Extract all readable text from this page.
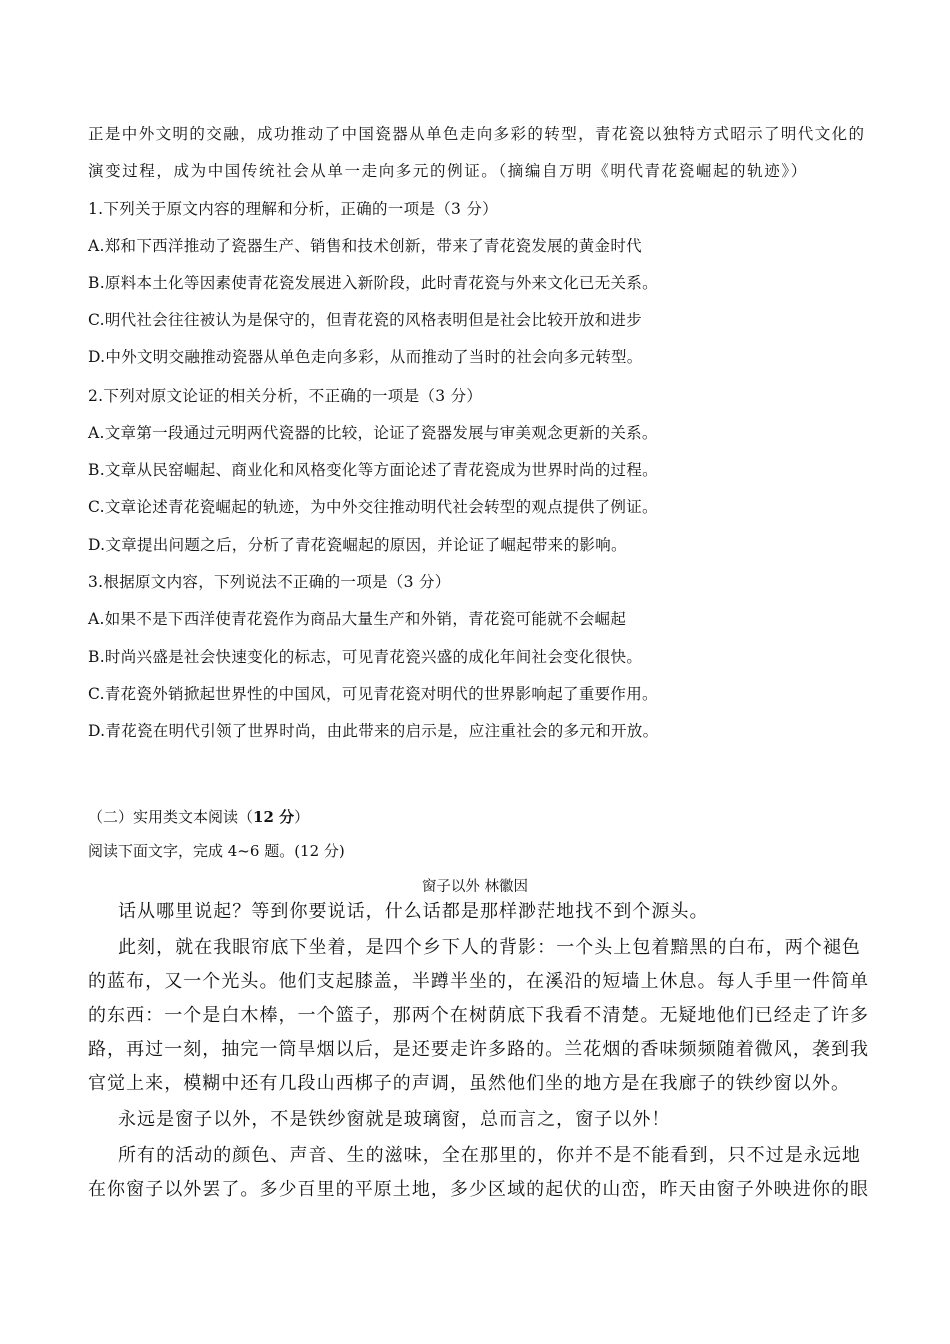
正是中外文明的交融，成功推动了中国瓷器从单色走向多彩的转型，青花瓷以独特方式昭示了明代文化的
演变过程，成为中国传统社会从单一走向多元的例证。（摘编自万明《明代青花瓷崛起的轨迹》）
1.下列关于原文内容的理解和分析，正确的一项是（3 分）
A.郑和下西洋推动了瓷器生产、销售和技术创新，带来了青花瓷发展的黄金时代
B.原料本土化等因素使青花瓷发展进入新阶段，此时青花瓷与外来文化已无关系。
C.明代社会往往被认为是保守的，但青花瓷的风格表明但是社会比较开放和进步
D.中外文明交融推动瓷器从单色走向多彩，从而推动了当时的社会向多元转型。
2.下列对原文论证的相关分析，不正确的一项是（3 分）
A.文章第一段通过元明两代瓷器的比较，论证了瓷器发展与审美观念更新的关系。
B.文章从民窑崛起、商业化和风格变化等方面论述了青花瓷成为世界时尚的过程。
C.文章论述青花瓷崛起的轨迹，为中外交往推动明代社会转型的观点提供了例证。
D.文章提出问题之后，分析了青花瓷崛起的原因，并论证了崛起带来的影响。
3.根据原文内容，下列说法不正确的一项是（3 分）
A.如果不是下西洋使青花瓷作为商品大量生产和外销，青花瓷可能就不会崛起
B.时尚兴盛是社会快速变化的标志，可见青花瓷兴盛的成化年间社会变化很快。
C.青花瓷外销掀起世界性的中国风，可见青花瓷对明代的世界影响起了重要作用。
D.青花瓷在明代引领了世界时尚，由此带来的启示是，应注重社会的多元和开放。
（二）实用类文本阅读（12 分）
阅读下面文字，完成 4~6 题。(12 分)
窗子以外 林徽因
话从哪里说起？等到你要说话，什么话都是那样渺茫地找不到个源头。
此刻，就在我眼帘底下坐着，是四个乡下人的背影：一个头上包着黯黑的白布，两个褪色
的蓝布，又一个光头。他们支起膝盖，半蹲半坐的，在溪沿的短墙上休息。每人手里一件简单
的东西：一个是白木棒，一个篮子，那两个在树荫底下我看不清楚。无疑地他们已经走了许多
路，再过一刻，抽完一筒旱烟以后，是还要走许多路的。兰花烟的香味频频随着微风，袭到我
官觉上来，模糊中还有几段山西梆子的声调，虽然他们坐的地方是在我廊子的铁纱窗以外。
永远是窗子以外，不是铁纱窗就是玻璃窗，总而言之，窗子以外！
所有的活动的颜色、声音、生的滋味，全在那里的，你并不是不能看到，只不过是永远地
在你窗子以外罢了。多少百里的平原土地，多少区域的起伏的山峦，昨天由窗子外映进你的眼
